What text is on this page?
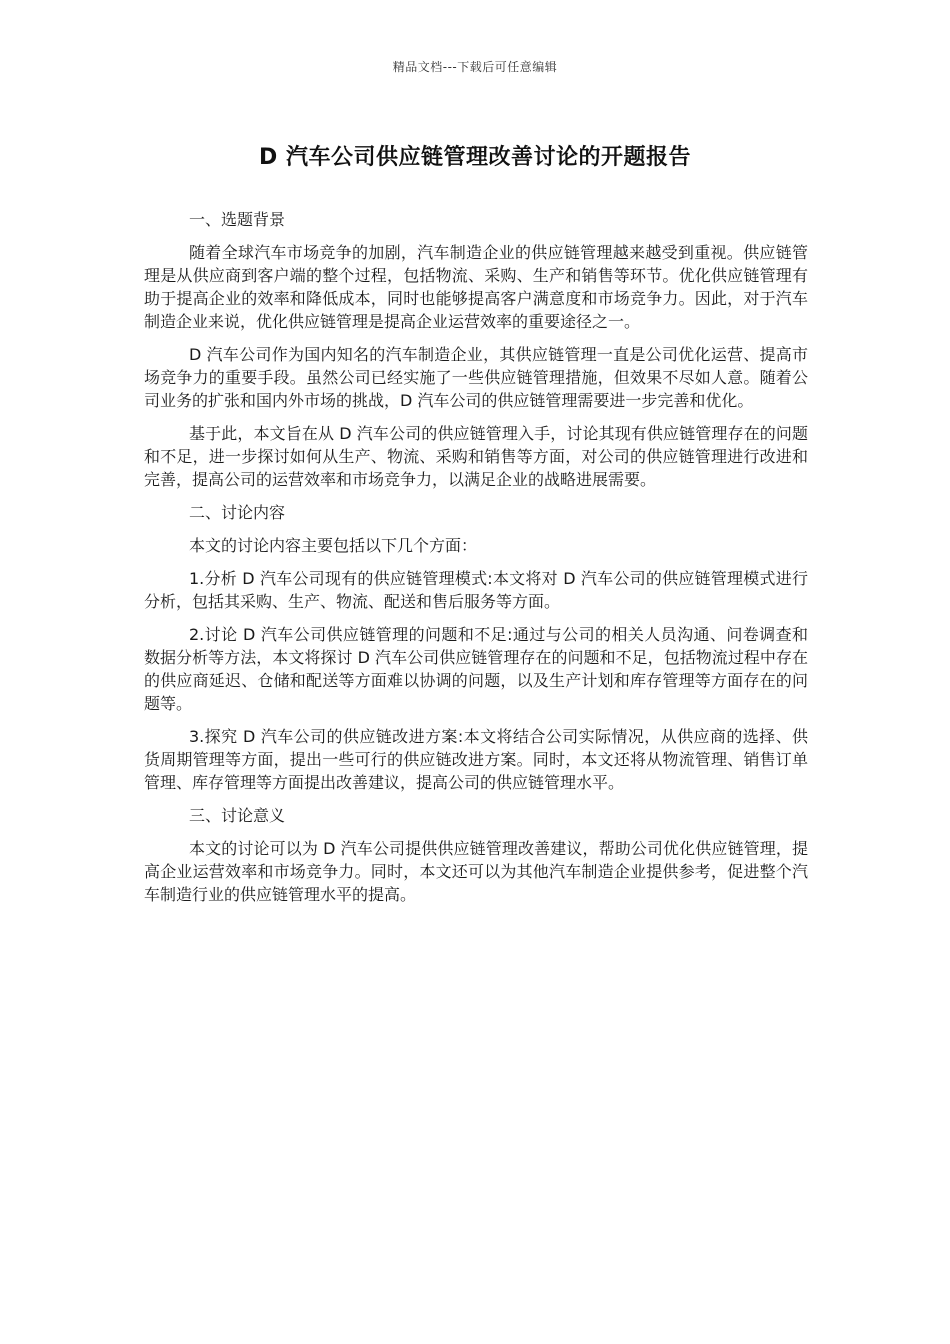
精品文档---下载后可任意编辑
D 汽车公司供应链管理改善讨论的开题报告
一、选题背景

随着全球汽车市场竞争的加剧，汽车制造企业的供应链管理越来越受到重视。供应链管理是从供应商到客户端的整个过程，包括物流、采购、生产和销售等环节。优化供应链管理有助于提高企业的效率和降低成本，同时也能够提高客户满意度和市场竞争力。因此，对于汽车制造企业来说，优化供应链管理是提高企业运营效率的重要途径之一。

D 汽车公司作为国内知名的汽车制造企业，其供应链管理一直是公司优化运营、提高市场竞争力的重要手段。虽然公司已经实施了一些供应链管理措施，但效果不尽如人意。随着公司业务的扩张和国内外市场的挑战，D 汽车公司的供应链管理需要进一步完善和优化。

基于此，本文旨在从 D 汽车公司的供应链管理入手，讨论其现有供应链管理存在的问题和不足，进一步探讨如何从生产、物流、采购和销售等方面，对公司的供应链管理进行改进和完善，提高公司的运营效率和市场竞争力，以满足企业的战略进展需要。

二、讨论内容

本文的讨论内容主要包括以下几个方面：

1.分析 D 汽车公司现有的供应链管理模式:本文将对 D 汽车公司的供应链管理模式进行分析，包括其采购、生产、物流、配送和售后服务等方面。

2.讨论 D 汽车公司供应链管理的问题和不足:通过与公司的相关人员沟通、问卷调查和数据分析等方法，本文将探讨 D 汽车公司供应链管理存在的问题和不足，包括物流过程中存在的供应商延迟、仓储和配送等方面难以协调的问题，以及生产计划和库存管理等方面存在的问题等。

3.探究 D 汽车公司的供应链改进方案:本文将结合公司实际情况，从供应商的选择、供货周期管理等方面，提出一些可行的供应链改进方案。同时，本文还将从物流管理、销售订单管理、库存管理等方面提出改善建议，提高公司的供应链管理水平。

三、讨论意义

本文的讨论可以为 D 汽车公司提供供应链管理改善建议，帮助公司优化供应链管理，提高企业运营效率和市场竞争力。同时，本文还可以为其他汽车制造企业提供参考，促进整个汽车制造行业的供应链管理水平的提高。
